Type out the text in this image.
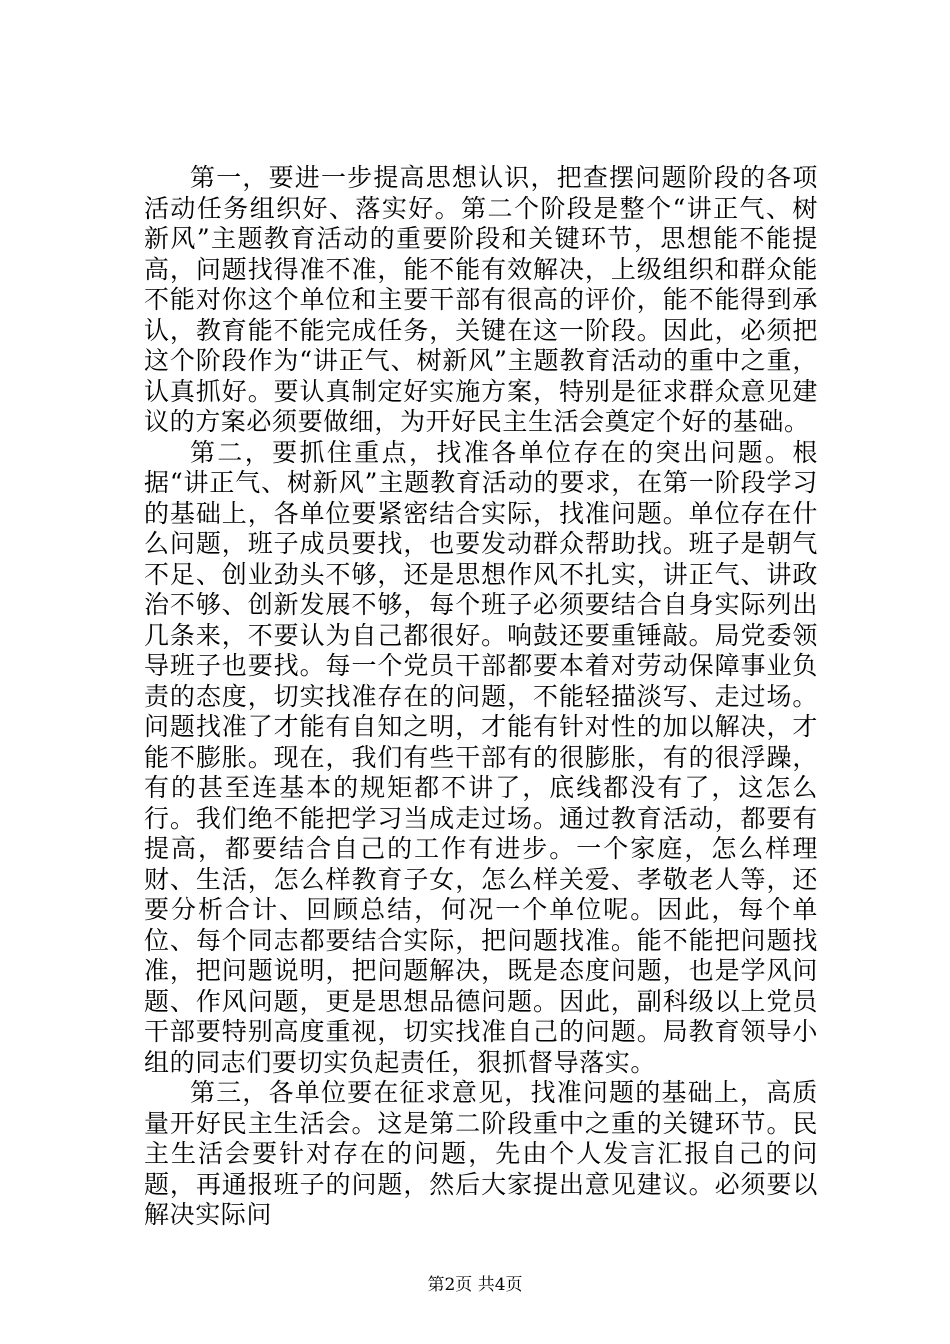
第一，要进一步提高思想认识，把查摆问题阶段的各项活动任务组织好、落实好。第二个阶段是整个“讲正气、树新风”主题教育活动的重要阶段和关键环节，思想能不能提高，问题找得准不准，能不能有效解决，上级组织和群众能不能对你这个单位和主要干部有很高的评价，能不能得到承认，教育能不能完成任务，关键在这一阶段。因此，必须把这个阶段作为“讲正气、树新风”主题教育活动的重中之重，认真抓好。要认真制定好实施方案，特别是征求群众意见建议的方案必须要做细，为开好民主生活会奠定个好的基础。

第二，要抓住重点，找准各单位存在的突出问题。根据“讲正气、树新风”主题教育活动的要求，在第一阶段学习的基础上，各单位要紧密结合实际，找准问题。单位存在什么问题，班子成员要找，也要发动群众帮助找。班子是朝气不足、创业劲头不够，还是思想作风不扎实，讲正气、讲政治不够、创新发展不够，每个班子必须要结合自身实际列出几条来，不要认为自己都很好。响鼓还要重锤敲。局党委领导班子也要找。每一个党员干部都要本着对劳动保障事业负责的态度，切实找准存在的问题，不能轻描淡写、走过场。问题找准了才能有自知之明，才能有针对性的加以解决，才能不膨胀。现在，我们有些干部有的很膨胀，有的很浮躁，有的甚至连基本的规矩都不讲了，底线都没有了，这怎么行。我们绝不能把学习当成走过场。通过教育活动，都要有提高，都要结合自己的工作有进步。一个家庭，怎么样理财、生活，怎么样教育子女，怎么样关爱、孝敬老人等，还要分析合计、回顾总结，何况一个单位呢。因此，每个单位、每个同志都要结合实际，把问题找准。能不能把问题找准，把问题说明，把问题解决，既是态度问题，也是学风问题、作风问题，更是思想品德问题。因此，副科级以上党员干部要特别高度重视，切实找准自己的问题。局教育领导小组的同志们要切实负起责任，狠抓督导落实。

第三，各单位要在征求意见，找准问题的基础上，高质量开好民主生活会。这是第二阶段重中之重的关键环节。民主生活会要针对存在的问题，先由个人发言汇报自己的问题，再通报班子的问题，然后大家提出意见建议。必须要以解决实际问

第2页 共4页
